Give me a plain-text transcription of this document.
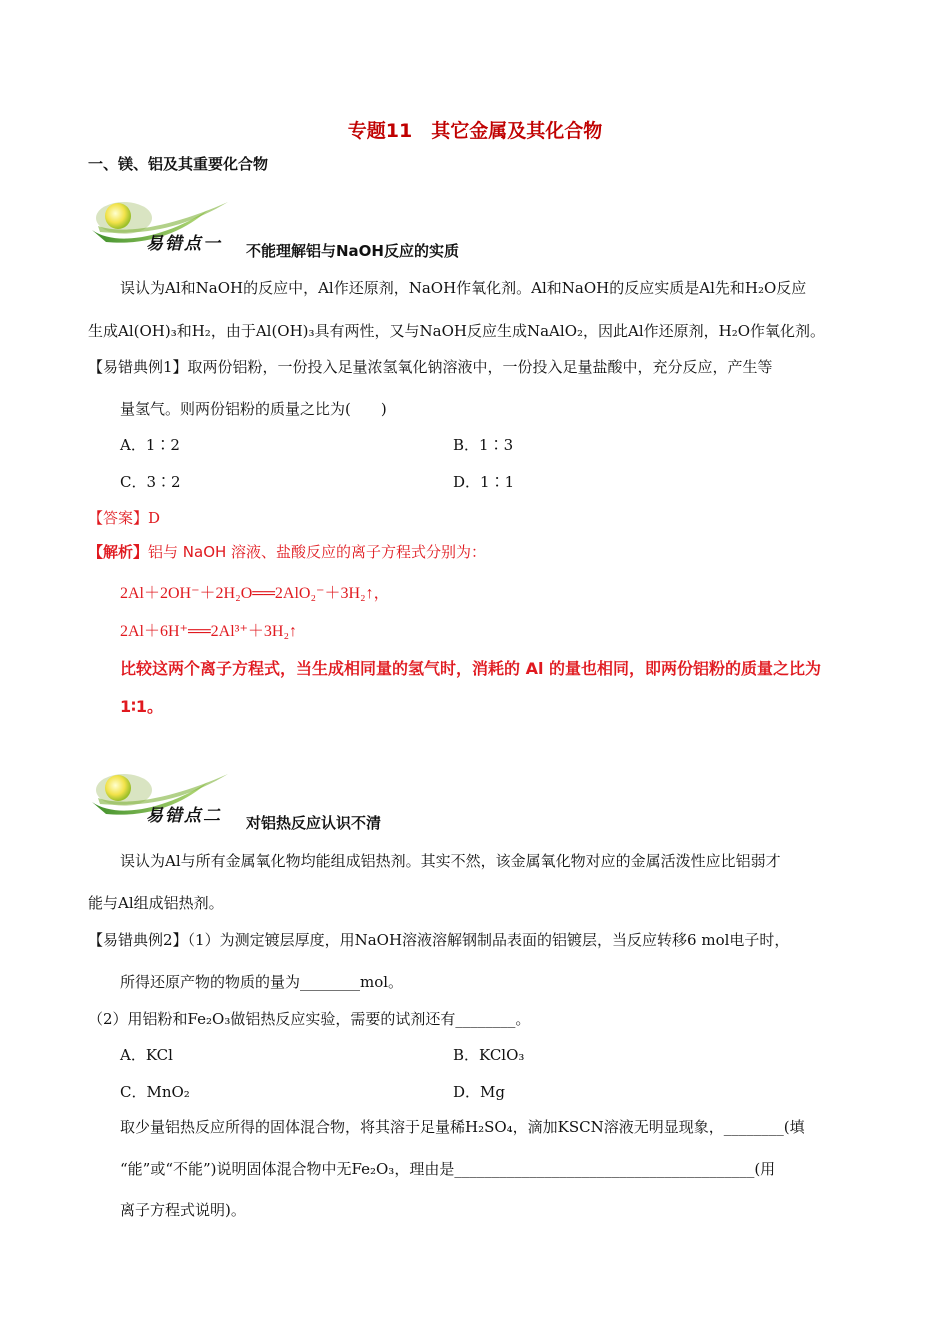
专题11　其它金属及其化合物
一、镁、铝及其重要化合物
易错点一 不能理解铝与NaOH反应的实质
误认为Al和NaOH的反应中，Al作还原剂，NaOH作氧化剂。Al和NaOH的反应实质是Al先和H₂O反应
生成Al(OH)₃和H₂，由于Al(OH)₃具有两性，又与NaOH反应生成NaAlO₂，因此Al作还原剂，H₂O作氧化剂。
【易错典例1】取两份铝粉，一份投入足量浓氢氧化钠溶液中，一份投入足量盐酸中，充分反应，产生等
量氢气。则两份铝粉的质量之比为(　　)
A．1∶2	B．1∶3
C．3∶2	D．1∶1
【答案】D
【解析】铝与 NaOH 溶液、盐酸反应的离子方程式分别为：
2Al＋2OH⁻＋2H₂O══2AlO₂⁻＋3H₂↑，
2Al＋6H⁺══2Al³⁺＋3H₂↑
比较这两个离子方程式，当生成相同量的氢气时，消耗的 Al 的量也相同，即两份铝粉的质量之比为
1∶1。
易错点二 对铝热反应认识不清
误认为Al与所有金属氧化物均能组成铝热剂。其实不然，该金属氧化物对应的金属活泼性应比铝弱才
能与Al组成铝热剂。
【易错典例2】（1）为测定镀层厚度，用NaOH溶液溶解钢制品表面的铝镀层，当反应转移6 mol电子时，
所得还原产物的物质的量为________mol。
（2）用铝粉和Fe₂O₃做铝热反应实验，需要的试剂还有________。
A．KCl	B．KClO₃
C．MnO₂	D．Mg
取少量铝热反应所得的固体混合物，将其溶于足量稀H₂SO₄，滴加KSCN溶液无明显现象，________(填
“能”或“不能”)说明固体混合物中无Fe₂O₃，理由是________________________________________(用
离子方程式说明)。
